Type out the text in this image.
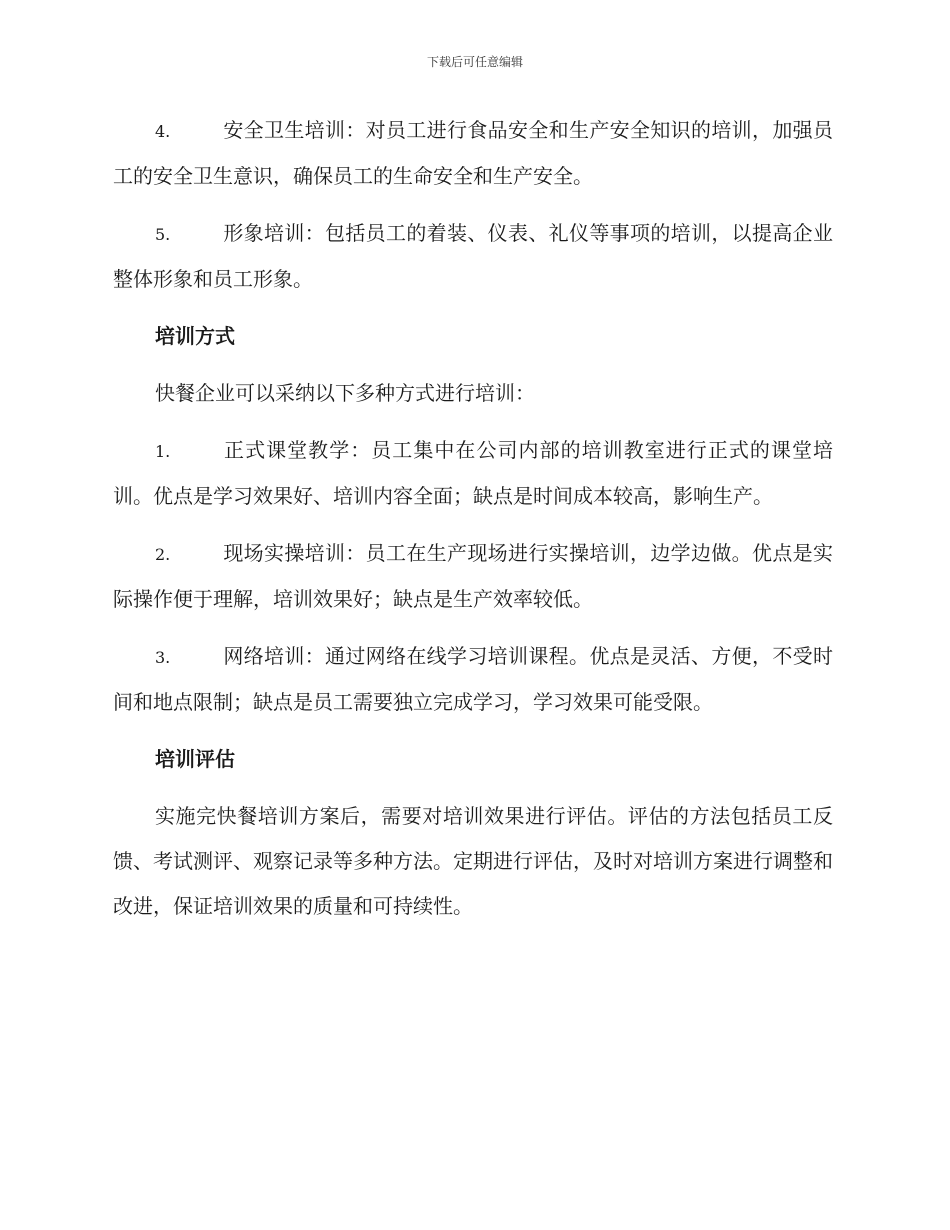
下载后可任意编辑

4.	安全卫生培训：对员工进行食品安全和生产安全知识的培训，加强员工的安全卫生意识，确保员工的生命安全和生产安全。

5.	形象培训：包括员工的着装、仪表、礼仪等事项的培训，以提高企业整体形象和员工形象。

培训方式

快餐企业可以采纳以下多种方式进行培训：

1.	正式课堂教学：员工集中在公司内部的培训教室进行正式的课堂培训。优点是学习效果好、培训内容全面；缺点是时间成本较高，影响生产。

2.	现场实操培训：员工在生产现场进行实操培训，边学边做。优点是实际操作便于理解，培训效果好；缺点是生产效率较低。

3.	网络培训：通过网络在线学习培训课程。优点是灵活、方便，不受时间和地点限制；缺点是员工需要独立完成学习，学习效果可能受限。

培训评估

实施完快餐培训方案后，需要对培训效果进行评估。评估的方法包括员工反馈、考试测评、观察记录等多种方法。定期进行评估，及时对培训方案进行调整和改进，保证培训效果的质量和可持续性。
